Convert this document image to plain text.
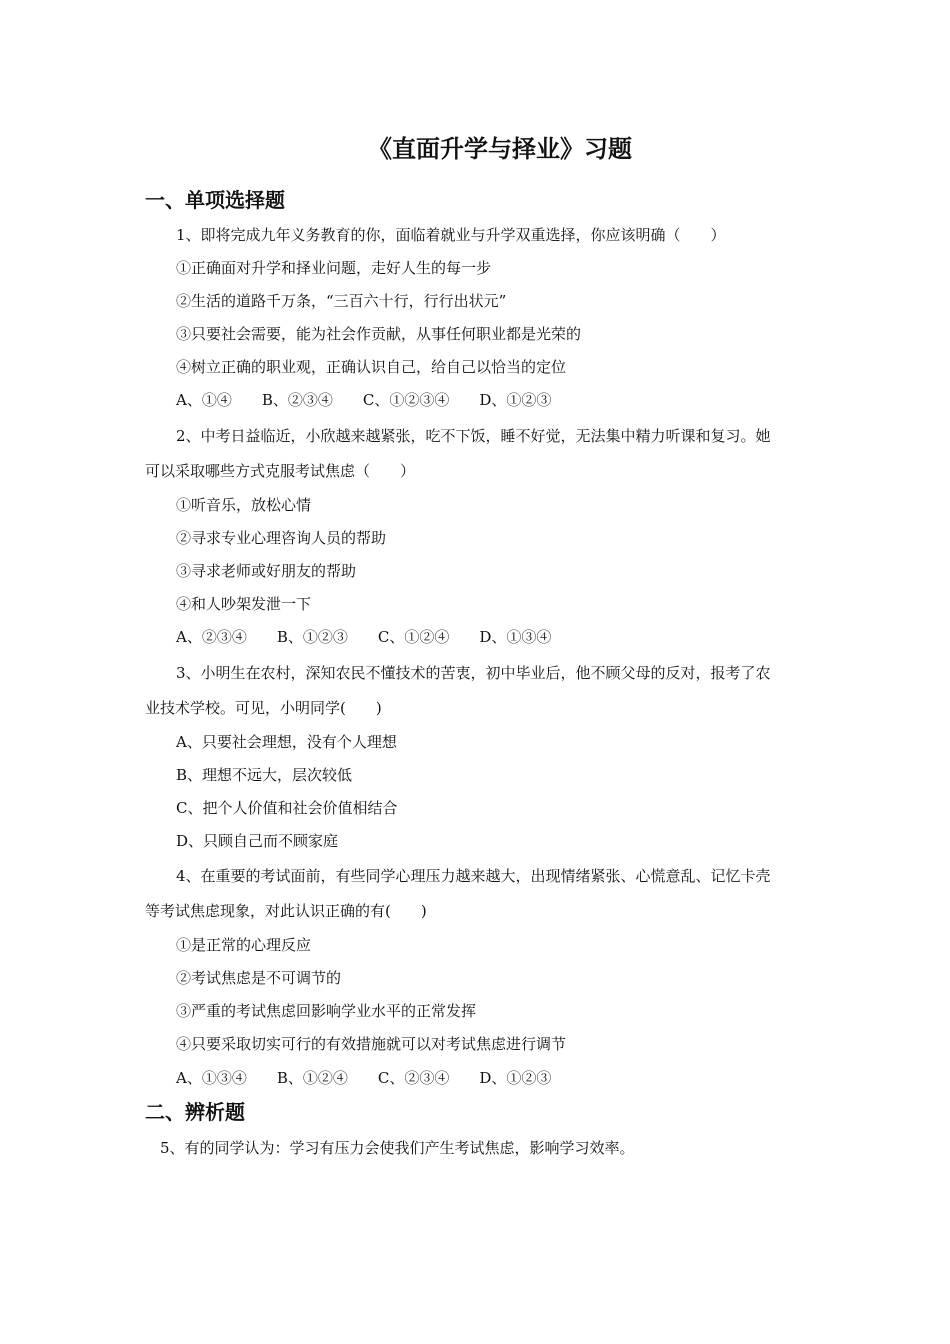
《直面升学与择业》习题
一、单项选择题

1、即将完成九年义务教育的你，面临着就业与升学双重选择，你应该明确（　　）

①正确面对升学和择业问题，走好人生的每一步

②生活的道路千万条，“三百六十行，行行出状元”

③只要社会需要，能为社会作贡献，从事任何职业都是光荣的

④树立正确的职业观，正确认识自己，给自己以恰当的定位

A、①④　　B、②③④　　C、①②③④　　D、①②③

2、中考日益临近，小欣越来越紧张，吃不下饭，睡不好觉，无法集中精力听课和复习。她

可以采取哪些方式克服考试焦虑（　　）

①听音乐，放松心情

②寻求专业心理咨询人员的帮助

③寻求老师或好朋友的帮助

④和人吵架发泄一下

A、②③④　　B、①②③　　C、①②④　　D、①③④

3、小明生在农村，深知农民不懂技术的苦衷，初中毕业后，他不顾父母的反对，报考了农

业技术学校。可见，小明同学(　　)

A、只要社会理想，没有个人理想

B、理想不远大，层次较低

C、把个人价值和社会价值相结合

D、只顾自己而不顾家庭

4、在重要的考试面前，有些同学心理压力越来越大，出现情绪紧张、心慌意乱、记忆卡壳

等考试焦虑现象，对此认识正确的有(　　)

①是正常的心理反应

②考试焦虑是不可调节的

③严重的考试焦虑回影响学业水平的正常发挥

④只要采取切实可行的有效措施就可以对考试焦虑进行调节

A、①③④　　B、①②④　　C、②③④　　D、①②③

二、辨析题

5、有的同学认为：学习有压力会使我们产生考试焦虑，影响学习效率。
